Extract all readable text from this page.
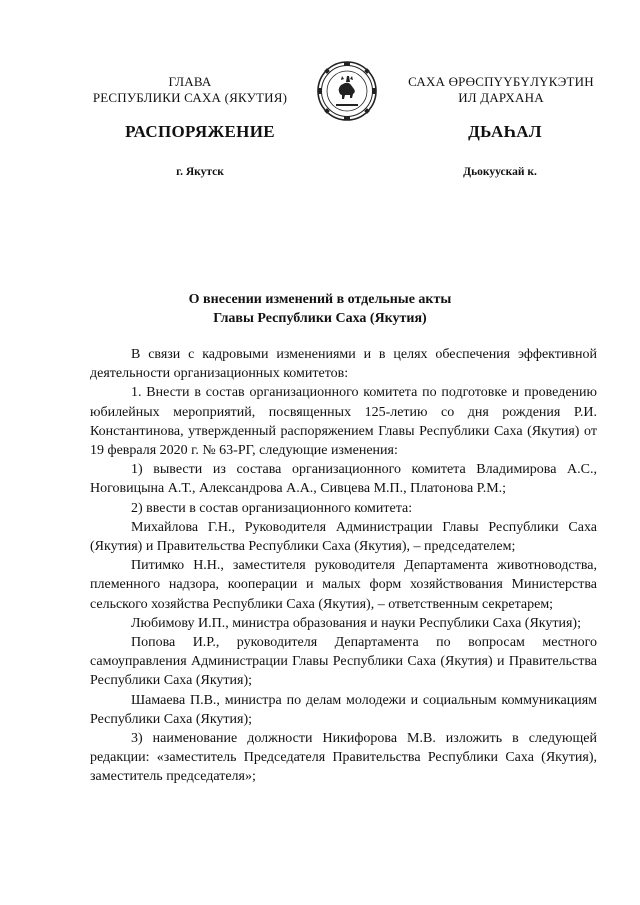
ГЛАВА
РЕСПУБЛИКИ САХА (ЯКУТИЯ)
САХА ӨРӨСПҮҮБҮЛҮКЭТИН
ИЛ ДАРХАНА
РАСПОРЯЖЕНИЕ	ДЬАҺАЛ
г. Якутск	Дьокуускай к.
О внесении изменений в отдельные акты
Главы Республики Саха (Якутия)

В связи с кадровыми изменениями и в целях обеспечения эффективной деятельности организационных комитетов:

1. Внести в состав организационного комитета по подготовке и проведению юбилейных мероприятий, посвященных 125-летию со дня рождения Р.И. Константинова, утвержденный распоряжением Главы Республики Саха (Якутия) от 19 февраля 2020 г. № 63-РГ, следующие изменения:

1) вывести из состава организационного комитета Владимирова А.С., Ноговицына А.Т., Александрова А.А., Сивцева М.П., Платонова Р.М.;

2) ввести в состав организационного комитета:

Михайлова Г.Н., Руководителя Администрации Главы Республики Саха (Якутия) и Правительства Республики Саха (Якутия), – председателем;

Питимко Н.Н., заместителя руководителя Департамента животноводства, племенного надзора, кооперации и малых форм хозяйствования Министерства сельского хозяйства Республики Саха (Якутия), – ответственным секретарем;

Любимову И.П., министра образования и науки Республики Саха (Якутия);

Попова И.Р., руководителя Департамента по вопросам местного самоуправления Администрации Главы Республики Саха (Якутия) и Правительства Республики Саха (Якутия);

Шамаева П.В., министра по делам молодежи и социальным коммуникациям Республики Саха (Якутия);

3) наименование должности Никифорова М.В. изложить в следующей редакции: «заместитель Председателя Правительства Республики Саха (Якутия), заместитель председателя»;
